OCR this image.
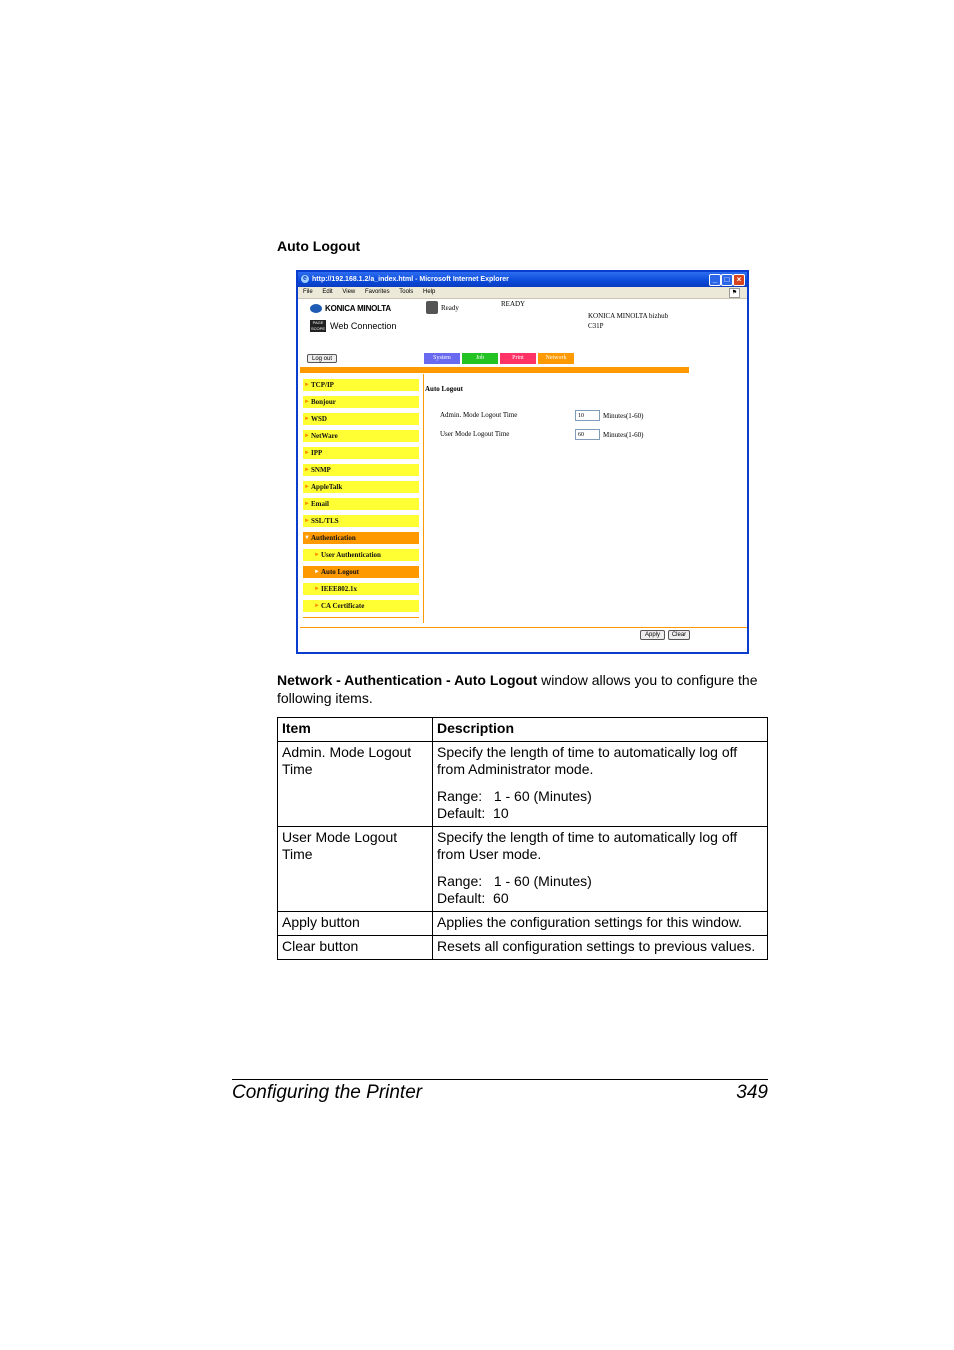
Auto Logout
e http://192.168.1.2/a_index.html - Microsoft Internet Explorer	_ □ ×
File Edit View Favorites Tools Help	⚑
KONICA MINOLTA
PAGE SCOPE Web Connection
Ready	READY
KONICA MINOLTA bizhub
C31P
Log out	System	Job	Print	Network
► TCP/IP
► Bonjour
► WSD
► NetWare
► IPP
► SNMP
► AppleTalk
► Email
► SSL/TLS
▼ Authentication
► User Authentication
► Auto Logout
► IEEE802.1x
► CA Certificate
Auto Logout
Admin. Mode Logout Time
10	Minutes(1-60)
User Mode Logout Time
60	Minutes(1-60)
Apply	Clear
Network - Authentication - Auto Logout window allows you to configure the following items.
Item	Description
Admin. Mode Logout Time	Specify the length of time to automatically log off from Administrator mode.

Range:   1 - 60 (Minutes)

Default:  10

User Mode Logout Time	Specify the length of time to automatically log off from User mode.

Range:   1 - 60 (Minutes)

Default:  60

Apply button	Applies the configuration settings for this window.
Clear button	Resets all configuration settings to previous values.
Configuring the Printer	349
